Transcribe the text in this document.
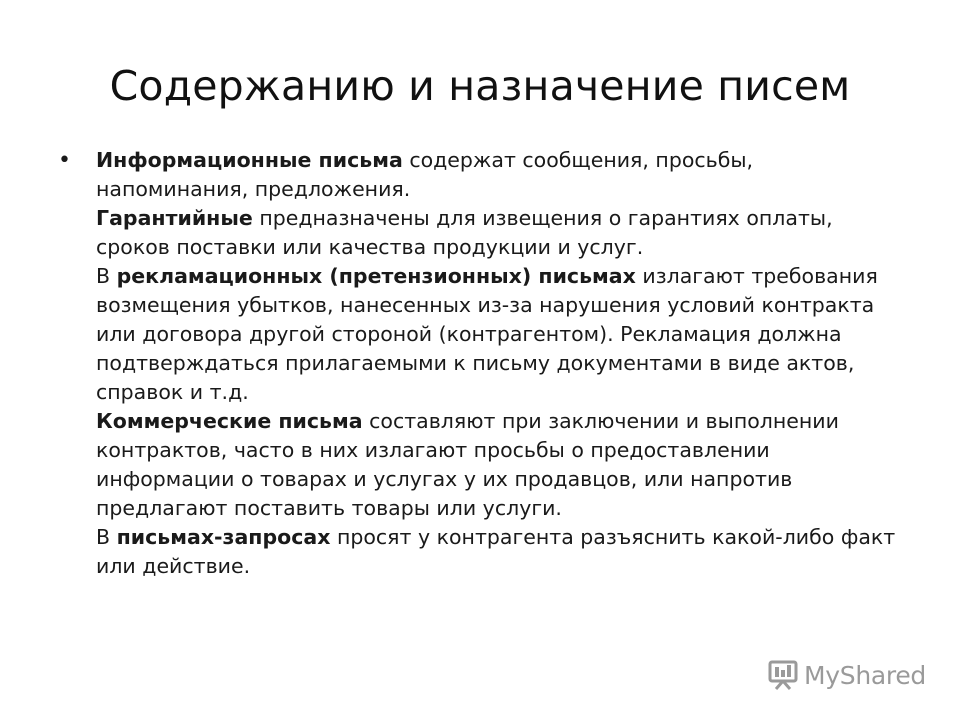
Содержанию и назначение писем
• Информационные письма содержат сообщения, просьбы, напоминания, предложения.

Гарантийные предназначены для извещения о гарантиях оплаты, сроков поставки или качества продукции и услуг.

В рекламационных (претензионных) письмах излагают требования возмещения убытков, нанесенных из-за нарушения условий контракта или договора другой стороной (контрагентом). Рекламация должна подтверждаться прилагаемыми к письму документами в виде актов, справок и т.д.

Коммерческие письма составляют при заключении и выполнении контрактов, часто в них излагают просьбы о предоставлении информации о товарах и услугах у их продавцов, или напротив предлагают поставить товары или услуги.

В письмах-запросах просят у контрагента разъяснить какой-либо факт или действие.

MyShared
